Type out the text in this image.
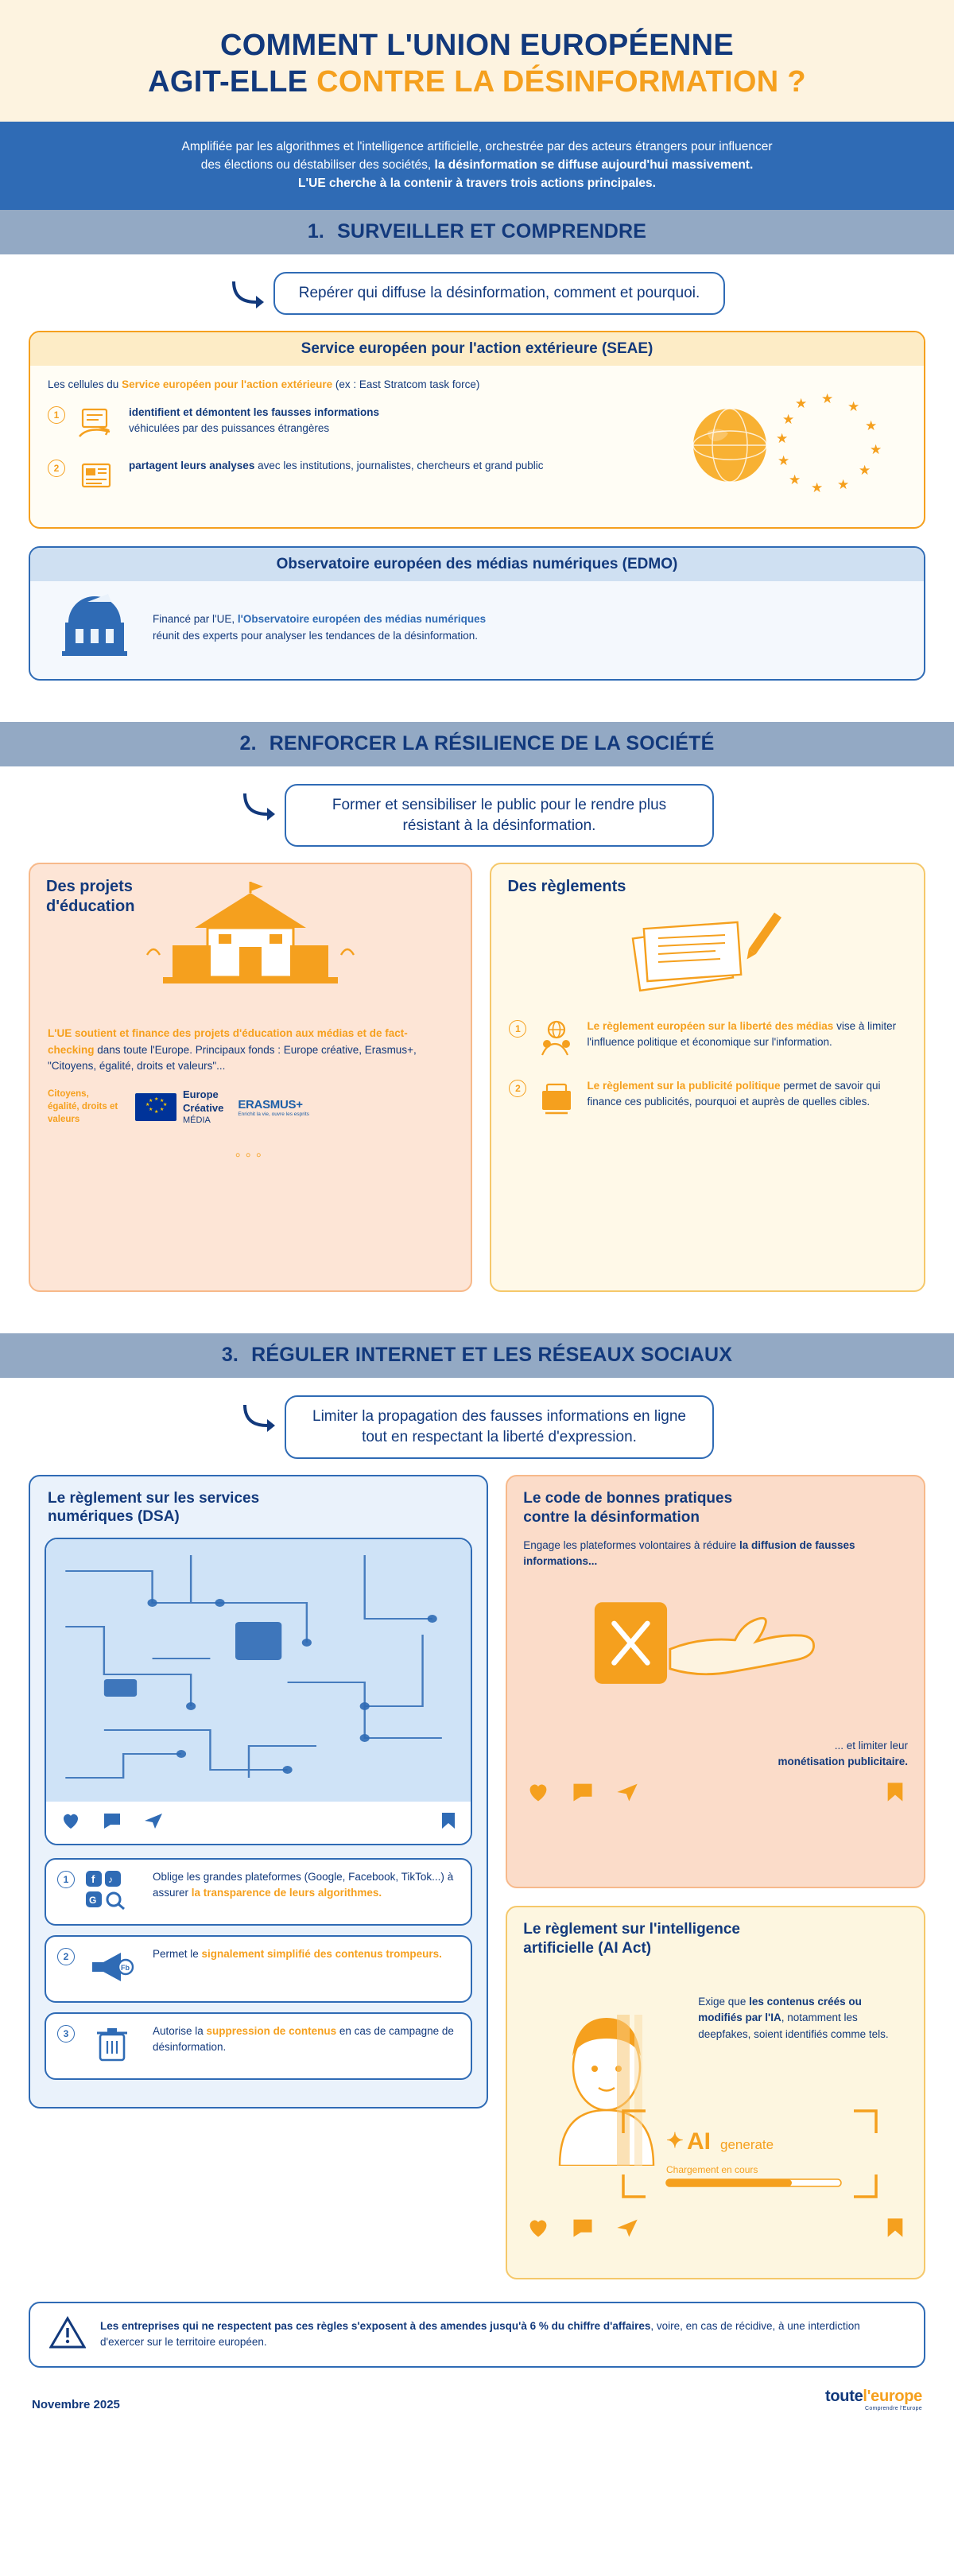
COMMENT L'UNION EUROPÉENNE
AGIT-ELLE CONTRE LA DÉSINFORMATION ?
Amplifiée par les algorithmes et l'intelligence artificielle, orchestrée par des acteurs étrangers pour influencer
des élections ou déstabiliser des sociétés, la désinformation se diffuse aujourd'hui massivement.
L'UE cherche à la contenir à travers trois actions principales.
1. SURVEILLER ET COMPRENDRE
Repérer qui diffuse la désinformation, comment et pourquoi.
Service européen pour l'action extérieure (SEAE)
Les cellules du Service européen pour l'action extérieure (ex : East Stratcom task force)
1	identifient et démontent les fausses informations
véhiculées par des puissances étrangères
2	partagent leurs analyses avec les institutions, journalistes, chercheurs et grand public
★ ★
★
★
★
★
★
★
★
★
★
★
Observatoire européen des médias numériques (EDMO)
Financé par l'UE, l'Observatoire européen des médias numériques
réunit des experts pour analyser les tendances de la désinformation.
2. RENFORCER LA RÉSILIENCE DE LA SOCIÉTÉ
Former et sensibiliser le public pour le rendre plus
résistant à la désinformation.
Des projets
d'éducation
L'UE soutient et finance des projets d'éducation aux médias et de fact-checking dans toute l'Europe. Principaux fonds : Europe créative, Erasmus+, "Citoyens, égalité, droits et valeurs"...
Citoyens, égalité, droits et valeurs
★ ★
★
★
★
★
★
★
Europe
Créative
MÉDIA
ERASMUS+
Enrichit la vie, ouvre les esprits
◦◦◦
Des règlements
1	Le règlement européen sur la liberté des médias vise à limiter l'influence politique et économique sur l'information.
2	Le règlement sur la publicité politique permet de savoir qui finance ces publicités, pourquoi et auprès de quelles cibles.
3. RÉGULER INTERNET ET LES RÉSEAUX SOCIAUX
Limiter la propagation des fausses informations en ligne
tout en respectant la liberté d'expression.
Le règlement sur les services
numériques (DSA)
1	f ♪
G
Oblige les grandes plateformes (Google, Facebook, TikTok...) à assurer la transparence de leurs algorithmes.
2
Fb
Permet le signalement simplifié des contenus trompeurs.
3	Autorise la suppression de contenus en cas de campagne de désinformation.
Le code de bonnes pratiques
contre la désinformation
Engage les plateformes volontaires à réduire la diffusion de fausses informations...
... et limiter leur
monétisation publicitaire.
Le règlement sur l'intelligence
artificielle (AI Act)
Exige que les contenus créés ou modifiés par l'IA, notamment les deepfakes, soient identifiés comme tels.
✦ AI generate
Chargement en cours
Les entreprises qui ne respectent pas ces règles s'exposent à des amendes jusqu'à 6 % du chiffre d'affaires, voire, en cas de récidive, à une interdiction d'exercer sur le territoire européen.
Novembre 2025	toutel'europe
Comprendre l'Europe
